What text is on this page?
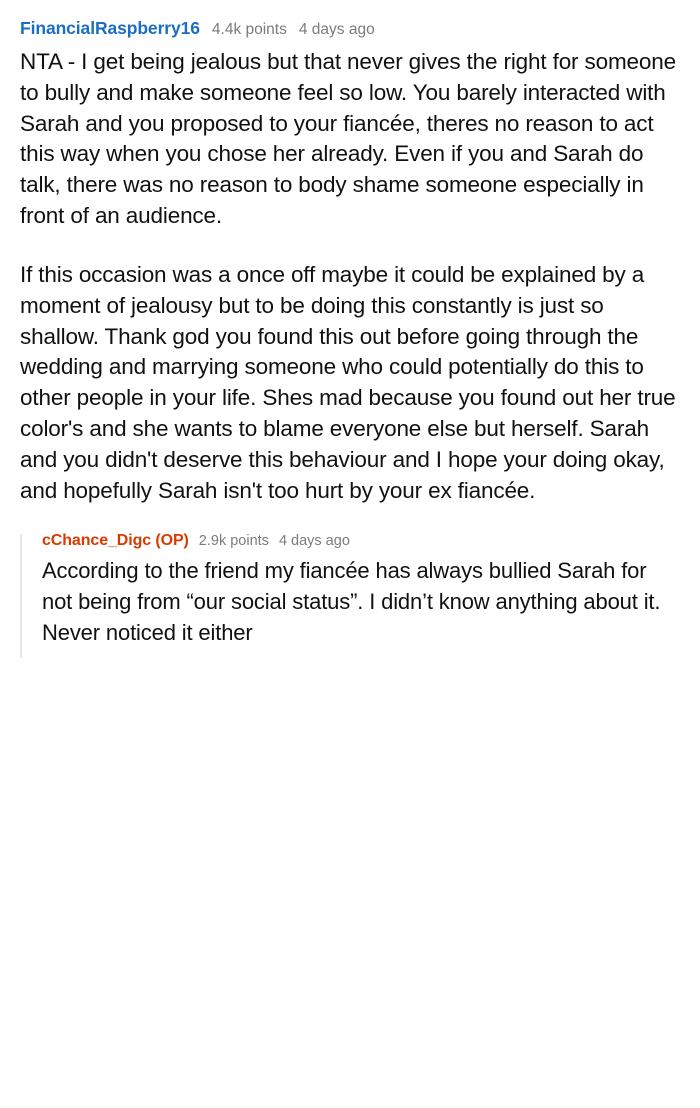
FinancialRaspberry16 4.4k points 4 days ago

NTA - I get being jealous but that never gives the right for someone to bully and make someone feel so low. You barely interacted with Sarah and you proposed to your fiancée, theres no reason to act this way when you chose her already. Even if you and Sarah do talk, there was no reason to body shame someone especially in front of an audience.

If this occasion was a once off maybe it could be explained by a moment of jealousy but to be doing this constantly is just so shallow. Thank god you found this out before going through the wedding and marrying someone who could potentially do this to other people in your life. Shes mad because you found out her true color's and she wants to blame everyone else but herself. Sarah and you didn't deserve this behaviour and I hope your doing okay, and hopefully Sarah isn't too hurt by your ex fiancée.

cChance_Digc (OP) 2.9k points 4 days ago

According to the friend my fiancée has always bullied Sarah for not being from “our social status”. I didn’t know anything about it. Never noticed it either
